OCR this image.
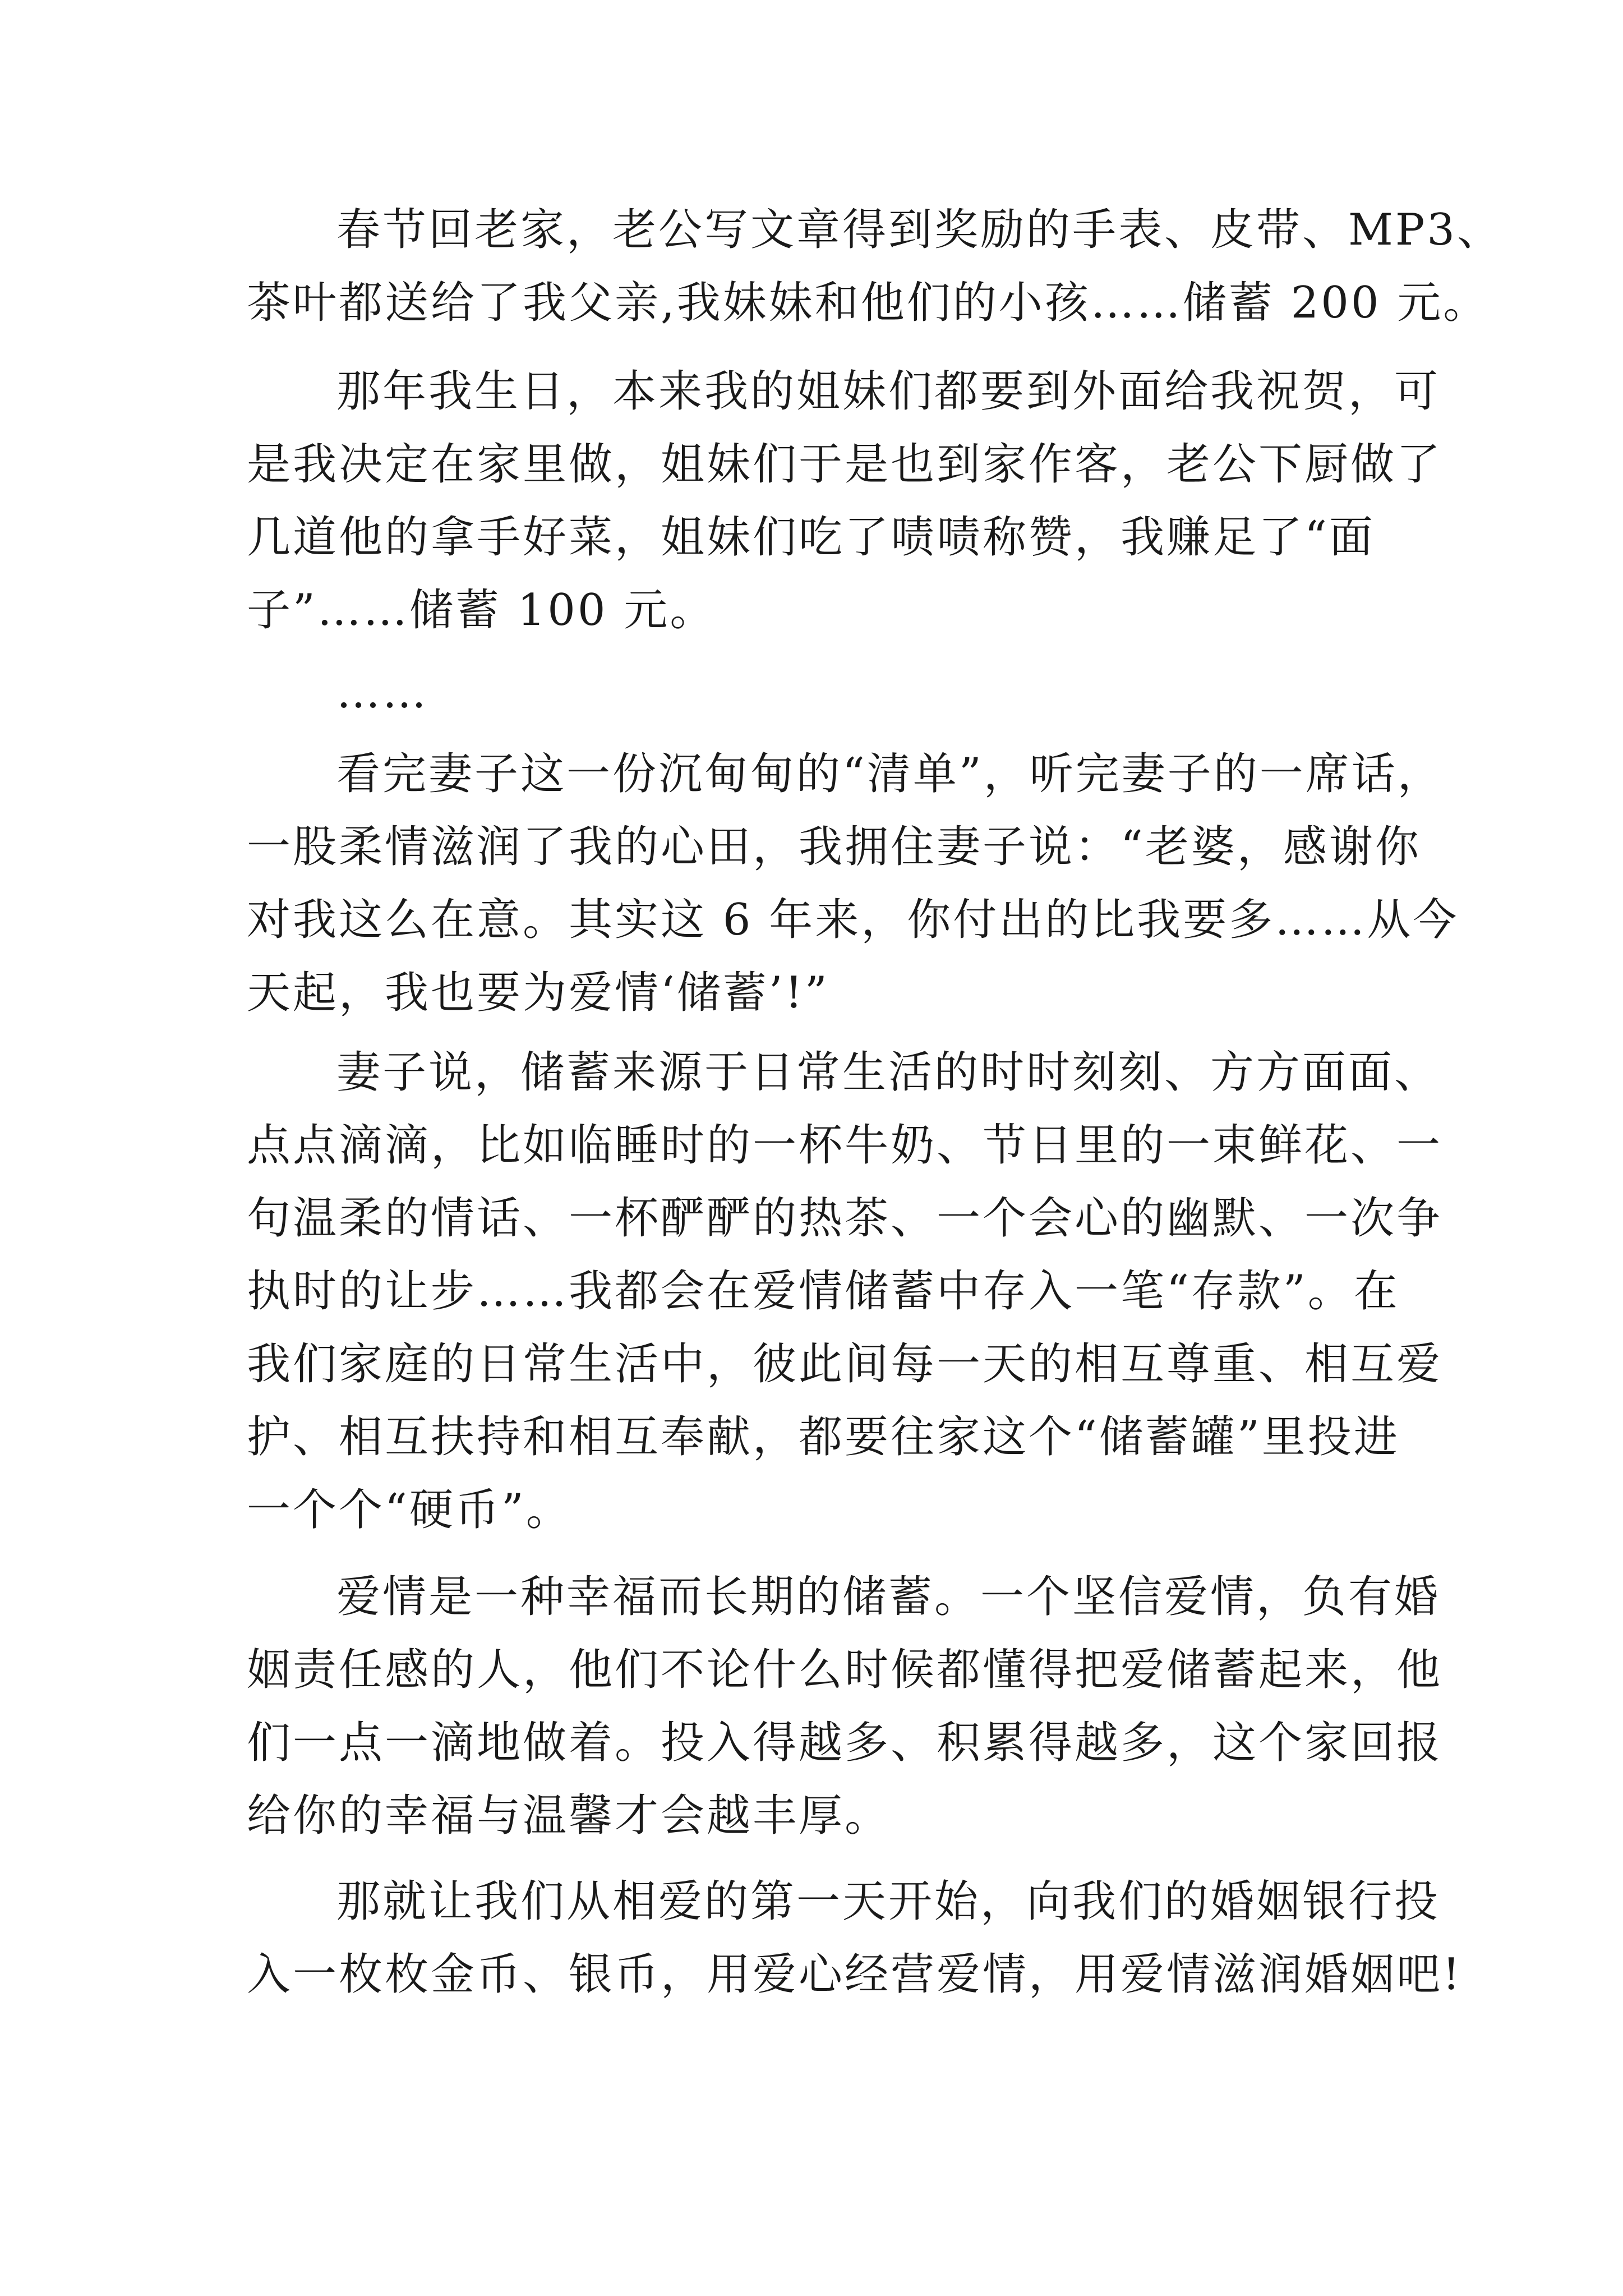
春节回老家，老公写文章得到奖励的手表、皮带、MP3、
茶叶都送给了我父亲,我妹妹和他们的小孩……储蓄 200 元。
那年我生日，本来我的姐妹们都要到外面给我祝贺，可
是我决定在家里做，姐妹们于是也到家作客，老公下厨做了
几道他的拿手好菜，姐妹们吃了啧啧称赞，我赚足了“面
子”……储蓄 100 元。
……
看完妻子这一份沉甸甸的“清单”，听完妻子的一席话，
一股柔情滋润了我的心田，我拥住妻子说：“老婆，感谢你
对我这么在意。其实这 6 年来，你付出的比我要多……从今
天起，我也要为爱情‘储蓄’!”
妻子说，储蓄来源于日常生活的时时刻刻、方方面面、
点点滴滴，比如临睡时的一杯牛奶、节日里的一束鲜花、一
句温柔的情话、一杯酽酽的热茶、一个会心的幽默、一次争
执时的让步……我都会在爱情储蓄中存入一笔“存款”。在
我们家庭的日常生活中，彼此间每一天的相互尊重、相互爱
护、相互扶持和相互奉献，都要往家这个“储蓄罐”里投进
一个个“硬币”。
爱情是一种幸福而长期的储蓄。一个坚信爱情，负有婚
姻责任感的人，他们不论什么时候都懂得把爱储蓄起来，他
们一点一滴地做着。投入得越多、积累得越多，这个家回报
给你的幸福与温馨才会越丰厚。
那就让我们从相爱的第一天开始，向我们的婚姻银行投
入一枚枚金币、银币，用爱心经营爱情，用爱情滋润婚姻吧!
